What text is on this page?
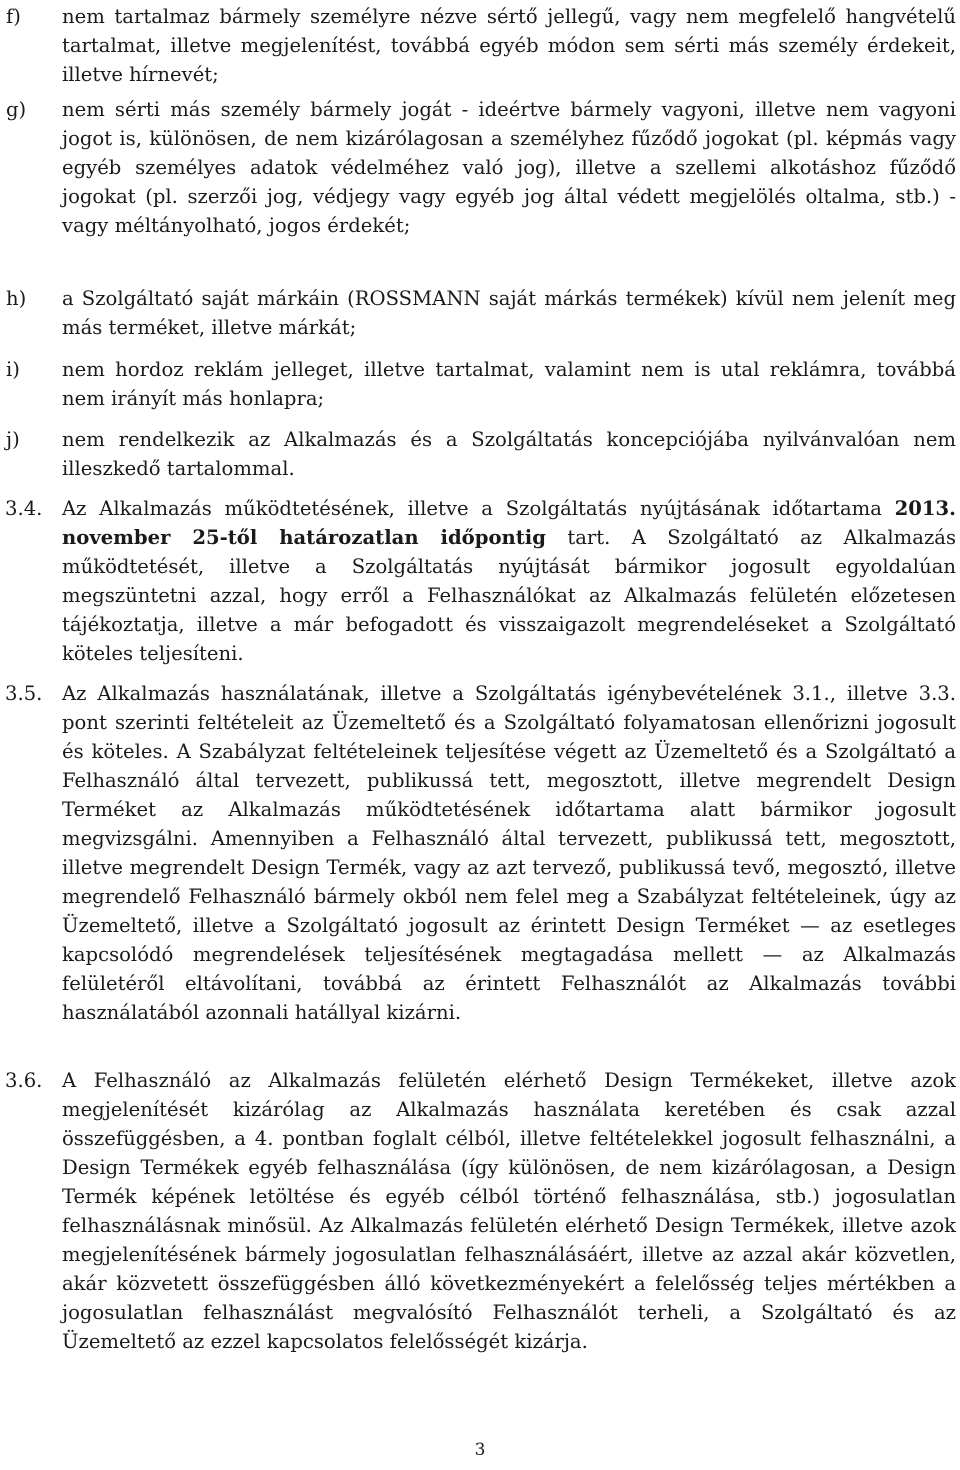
f) nem tartalmaz bármely személyre nézve sértő jellegű, vagy nem megfelelő hangvételű tartalmat, illetve megjelenítést, továbbá egyéb módon sem sérti más személy érdekeit, illetve hírnevét;
g) nem sérti más személy bármely jogát - ideértve bármely vagyoni, illetve nem vagyoni jogot is, különösen, de nem kizárólagosan a személyhez fűződő jogokat (pl. képmás vagy egyéb személyes adatok védelméhez való jog), illetve a szellemi alkotáshoz fűződő jogokat (pl. szerzői jog, védjegy vagy egyéb jog által védett megjelölés oltalma, stb.) - vagy méltányolható, jogos érdekét;
h) a Szolgáltató saját márkáin (ROSSMANN saját márkás termékek) kívül nem jelenít meg más terméket, illetve márkát;
i) nem hordoz reklám jelleget, illetve tartalmat, valamint nem is utal reklámra, továbbá nem irányít más honlapra;
j) nem rendelkezik az Alkalmazás és a Szolgáltatás koncepciójába nyilvánvalóan nem illeszkedő tartalommal.
3.4. Az Alkalmazás működtetésének, illetve a Szolgáltatás nyújtásának időtartama 2013. november 25-től határozatlan időpontig tart. A Szolgáltató az Alkalmazás működtetését, illetve a Szolgáltatás nyújtását bármikor jogosult egyoldalúan megszüntetni azzal, hogy erről a Felhasználókat az Alkalmazás felületén előzetesen tájékoztatja, illetve a már befogadott és visszaigazolt megrendeléseket a Szolgáltató köteles teljesíteni.
3.5. Az Alkalmazás használatának, illetve a Szolgáltatás igénybevételének 3.1., illetve 3.3. pont szerinti feltételeit az Üzemeltető és a Szolgáltató folyamatosan ellenőrizni jogosult és köteles. A Szabályzat feltételeinek teljesítése végett az Üzemeltető és a Szolgáltató a Felhasználó által tervezett, publikussá tett, megosztott, illetve megrendelt Design Terméket az Alkalmazás működtetésének időtartama alatt bármikor jogosult megvizsgálni. Amennyiben a Felhasználó által tervezett, publikussá tett, megosztott, illetve megrendelt Design Termék, vagy az azt tervező, publikussá tevő, megosztó, illetve megrendelő Felhasználó bármely okból nem felel meg a Szabályzat feltételeinek, úgy az Üzemeltető, illetve a Szolgáltató jogosult az érintett Design Terméket — az esetleges kapcsolódó megrendelések teljesítésének megtagadása mellett — az Alkalmazás felületéről eltávolítani, továbbá az érintett Felhasználót az Alkalmazás további használatából azonnali hatállyal kizárni.
3.6. A Felhasználó az Alkalmazás felületén elérhető Design Termékeket, illetve azok megjelenítését kizárólag az Alkalmazás használata keretében és csak azzal összefüggésben, a 4. pontban foglalt célból, illetve feltételekkel jogosult felhasználni, a Design Termékek egyéb felhasználása (így különösen, de nem kizárólagosan, a Design Termék képének letöltése és egyéb célból történő felhasználása, stb.) jogosulatlan felhasználásnak minősül. Az Alkalmazás felületén elérhető Design Termékek, illetve azok megjelenítésének bármely jogosulatlan felhasználásáért, illetve az azzal akár közvetlen, akár közvetett összefüggésben álló következményekért a felelősség teljes mértékben a jogosulatlan felhasználást megvalósító Felhasználót terheli, a Szolgáltató és az Üzemeltető az ezzel kapcsolatos felelősségét kizárja.
3
